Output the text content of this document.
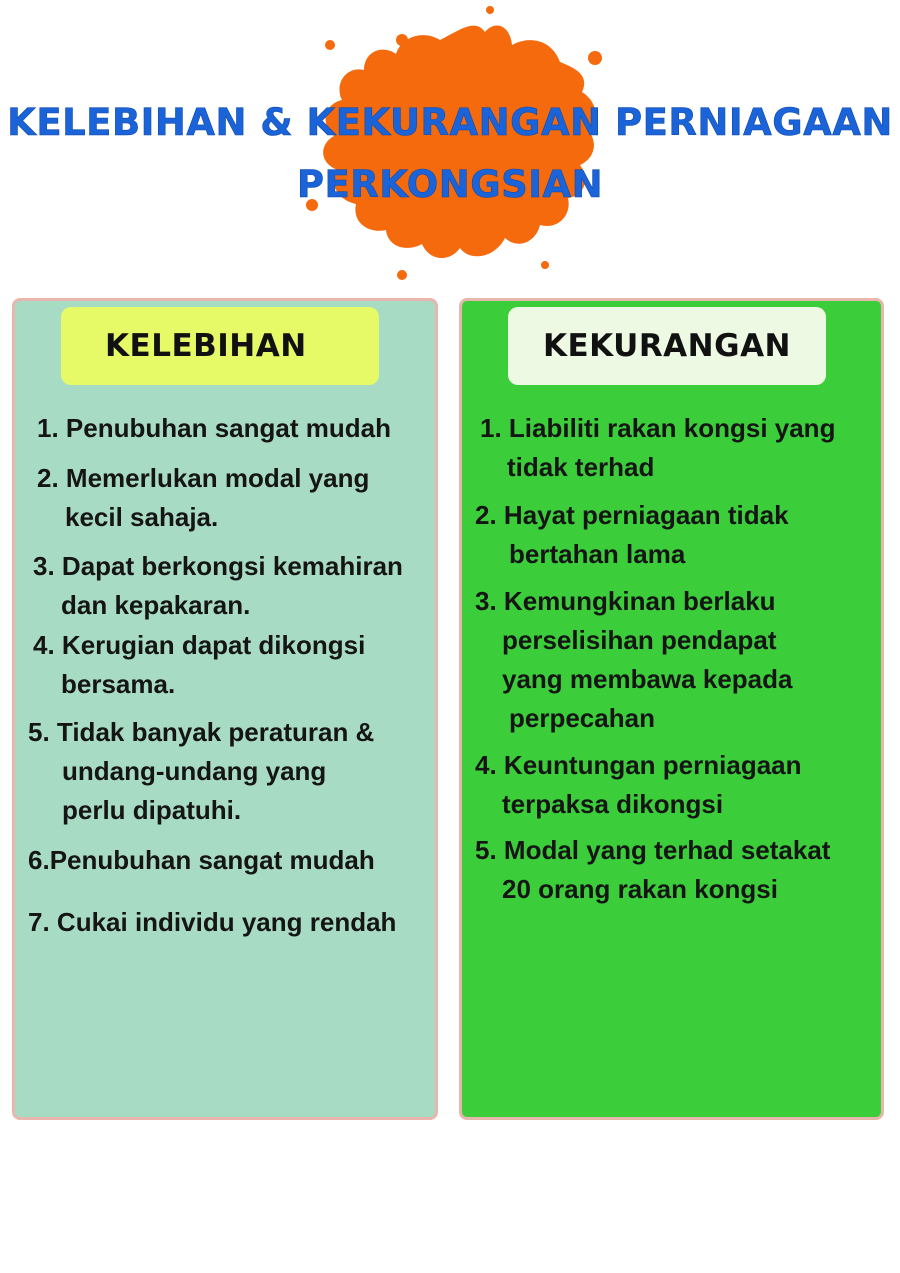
KELEBIHAN & KEKURANGAN PERNIAGAAN
PERKONGSIAN
KELEBIHAN
1. Penubuhan sangat mudah
2. Memerlukan modal yang
kecil sahaja.
3. Dapat berkongsi kemahiran
dan kepakaran.
4. Kerugian dapat dikongsi
bersama.
5. Tidak banyak peraturan &
undang-undang yang
perlu dipatuhi.
6.Penubuhan sangat mudah
7. Cukai individu yang rendah
KEKURANGAN
1. Liabiliti rakan kongsi yang
tidak terhad
2. Hayat perniagaan tidak
bertahan lama
3. Kemungkinan berlaku
perselisihan pendapat
yang membawa kepada
perpecahan
4. Keuntungan perniagaan
terpaksa dikongsi
5. Modal yang terhad setakat
20 orang rakan kongsi
